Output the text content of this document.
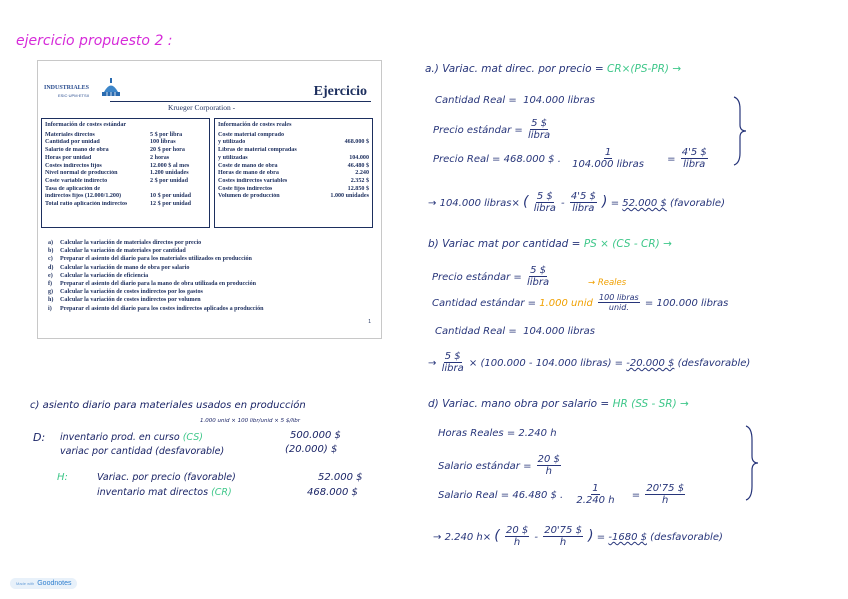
ejercicio propuesto 2 :
INDUSTRIALES
ESIC·UPM·ETSII	Ejercicio
Krueger Corporation -
Información de costes estándar
Materiales directos	5 $ por libra
Cantidad por unidad	100 libras
Salario de mano de obra	20 $ por hora
Horas por unidad	2 horas
Costes indirectos fijos	12.000 $ al mes
Nivel normal de producción	1.200 unidades
Coste variable indirecto	2 $ por unidad
Tasa de aplicación de
indirectos fijos (12.000/1.200)	10 $ por unidad
Total ratio aplicación indirectos	12 $ por unidad
Información de costes reales
Coste material comprado
y utilizado	468.000 $
Libras de material compradas
y utilizadas	104.000
Coste de mano de obra	46.480 $
Horas de mano de obra	2.240
Costes indirectos variables	2.352 $
Coste fijos indirectos	12.850 $
Volumen de producción	1.000 unidades
a) Calcular la variación de materiales directos por precio
b) Calcular la variación de materiales por cantidad
c) Preparar el asiento del diario para los materiales utilizados en producción
d) Calcular la variación de mano de obra por salario
e) Calcular la variación de eficiencia
f) Preparar el asiento del diario para la mano de obra utilizada en producción
g) Calcular la variación de costes indirectos por los gastos
h) Calcular la variación de costes indirectos por volumen
i) Preparar el asiento del diario para los costes indirectos aplicados a producción
1
a.) Variac. mat direc. por precio = CR×(PS-PR) →
Cantidad Real = 104.000 libras
Precio estándar = $\frac{5 \$}{\text{libra}}$
Precio Real = 468.000 $ . $\frac{1}{\text{104.000 libras}} = \frac{4'5 \$}{\text{libra}}$
→ 104.000 libras× ( $\frac{5 \$}{\text{libra}} - \frac{4'5 \$}{\text{libra}}$ ) = 52.000 $ (favorable)
b) Variac mat por cantidad = PS × (CS - CR) →
Precio estándar = $\frac{5 \$}{\text{libra}}$	→ Reales
Cantidad estándar = 1.000 unid $\frac{\text{100 libras}}{\text{unid.}} = 100.000$ libras
Cantidad Real = 104.000 libras
→ $\frac{5 \$}{\text{libra}} \times (100.000 - 104.000$ libras) = -20.000 $ (desfavorable)
c) asiento diario para materiales usados en producción
1.000 unid × 100 libr/unid × 5 $/libr
D: inventario prod. en curso (CS)	500.000 $
variac por cantidad (desfavorable)	(20.000) $
H:	Variac. por precio (favorable)	52.000 $
inventario mat directos (CR)	468.000 $
d) Variac. mano obra por salario = HR (SS - SR) →
Horas Reales = 2.240 h
Salario estándar = $\frac{20 \$}{h}$
Salario Real = 46.480 $ . $\frac{1}{2.240 h} = \frac{20'75 \$}{h}$
→ 2.240 h× ( $\frac{20 \$}{h} - \frac{20'75 \$}{h}$ ) = -1680 $ (desfavorable)
Made with Goodnotes
